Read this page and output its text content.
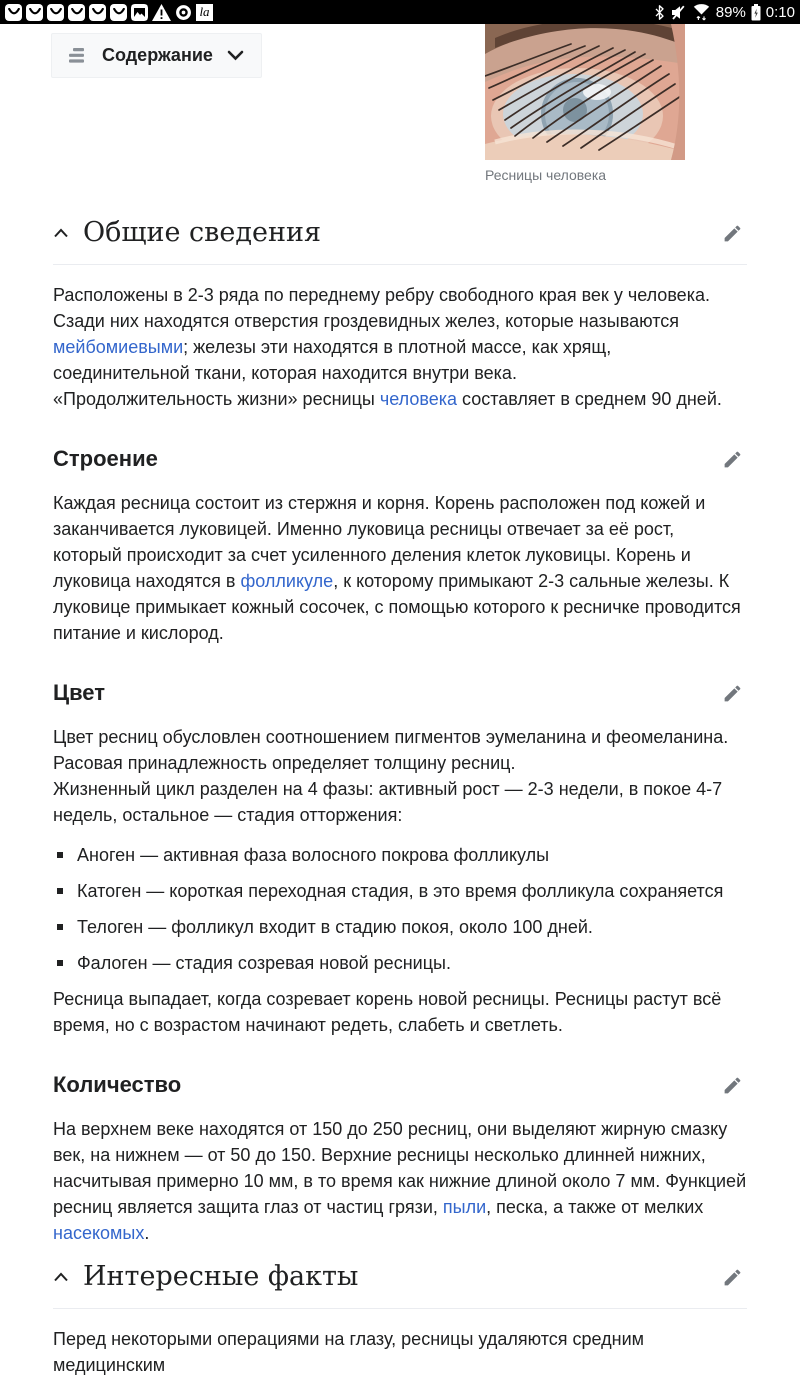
la	89% 0:10
Содержание
Ресницы человека
Общие сведения

Расположены в 2-3 ряда по переднему ребру свободного края век у человека. Сзади них находятся отверстия гроздевидных желез, которые называются мейбомиевыми; железы эти находятся в плотной массе, как хрящ, соединительной ткани, которая находится внутри века.

«Продолжительность жизни» ресницы человека составляет в среднем 90 дней.

Строение

Каждая ресница состоит из стержня и корня. Корень расположен под кожей и заканчивается луковицей. Именно луковица ресницы отвечает за её рост, который происходит за счет усиленного деления клеток луковицы. Корень и луковица находятся в фолликуле, к которому примыкают 2-3 сальные железы. К луковице примыкает кожный сосочек, с помощью которого к ресничке проводится питание и кислород.

Цвет

Цвет ресниц обусловлен соотношением пигментов эумеланина и феомеланина. Расовая принадлежность определяет толщину ресниц.

Жизненный цикл разделен на 4 фазы: активный рост — 2-3 недели, в покое 4-7 недель, остальное — стадия отторжения:

Аноген — активная фаза волосного покрова фолликулы
Катоген — короткая переходная стадия, в это время фолликула сохраняется
Телоген — фолликул входит в стадию покоя, около 100 дней.
Фалоген — стадия созревая новой ресницы.

Ресница выпадает, когда созревает корень новой ресницы. Ресницы растут всё время, но с возрастом начинают редеть, слабеть и светлеть.

Количество

На верхнем веке находятся от 150 до 250 ресниц, они выделяют жирную смазку век, на нижнем — от 50 до 150. Верхние ресницы несколько длинней нижних, насчитывая примерно 10 мм, в то время как нижние длиной около 7 мм. Функцией ресниц является защита глаз от частиц грязи, пыли, песка, а также от мелких насекомых.

Интересные факты

Перед некоторыми операциями на глазу, ресницы удаляются средним медицинским
